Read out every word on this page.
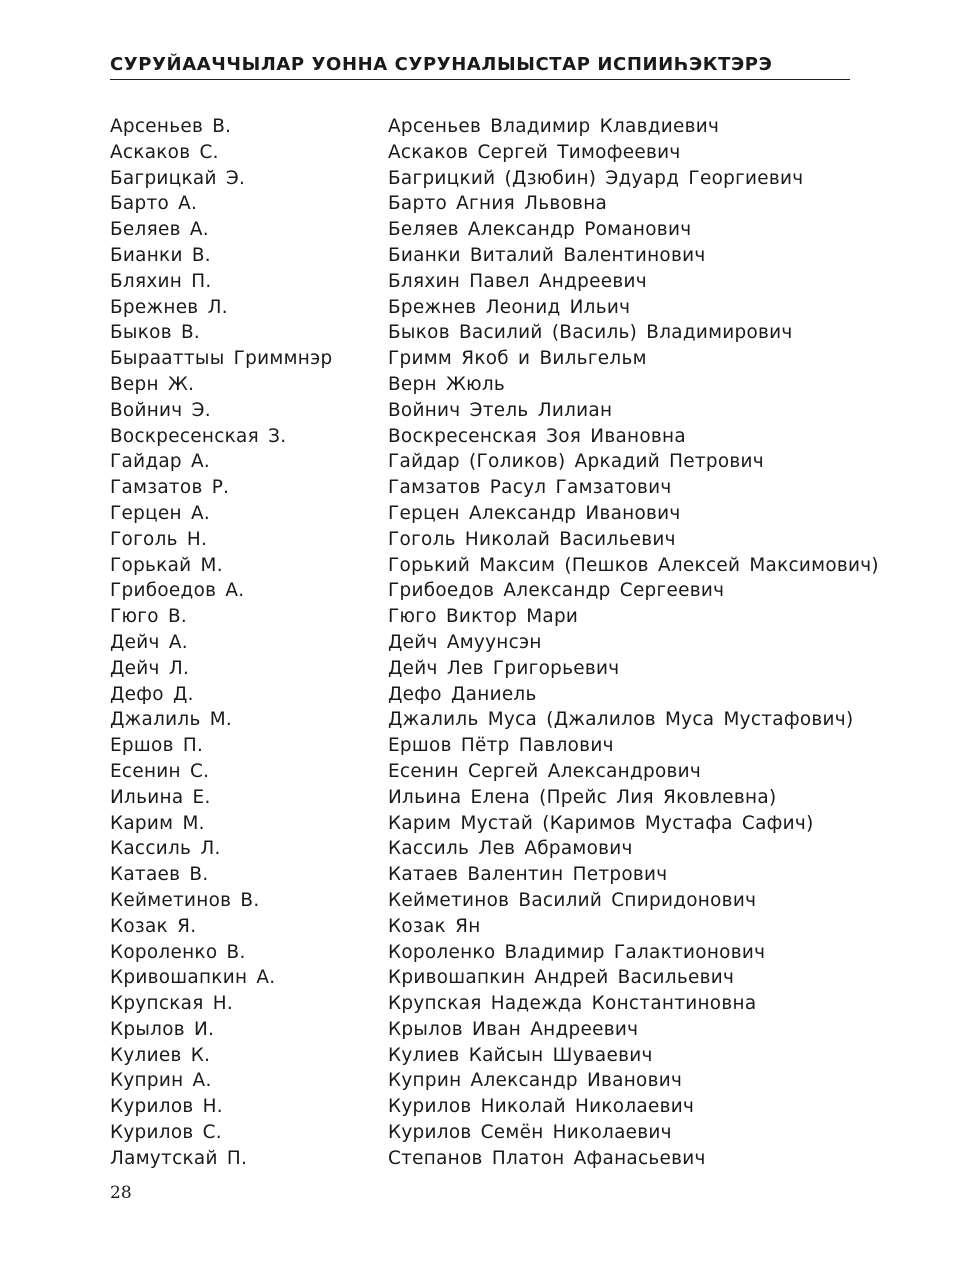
СУРУЙААЧЧЫЛАР УОННА СУРУНАЛЫЫСТАР ИСПИИҺЭКТЭРЭ
Арсеньев В.	Арсеньев Владимир Клавдиевич
Аскаков С.	Аскаков Сергей Тимофеевич
Багрицкай Э.	Багрицкий (Дзюбин) Эдуард Георгиевич
Барто А.	Барто Агния Львовна
Беляев А.	Беляев Александр Романович
Бианки В.	Бианки Виталий Валентинович
Бляхин П.	Бляхин Павел Андреевич
Брежнев Л.	Брежнев Леонид Ильич
Быков В.	Быков Василий (Василь) Владимирович
Бырааттыы Гриммнэр	Гримм Якоб и Вильгельм
Верн Ж.	Верн Жюль
Войнич Э.	Войнич Этель Лилиан
Воскресенская З.	Воскресенская Зоя Ивановна
Гайдар А.	Гайдар (Голиков) Аркадий Петрович
Гамзатов Р.	Гамзатов Расул Гамзатович
Герцен А.	Герцен Александр Иванович
Гоголь Н.	Гоголь Николай Васильевич
Горькай М.	Горький Максим (Пешков Алексей Максимович)
Грибоедов А.	Грибоедов Александр Сергеевич
Гюго В.	Гюго Виктор Мари
Дейч А.	Дейч Амуунсэн
Дейч Л.	Дейч Лев Григорьевич
Дефо Д.	Дефо Даниель
Джалиль М.	Джалиль Муса (Джалилов Муса Мустафович)
Ершов П.	Ершов Пётр Павлович
Есенин С.	Есенин Сергей Александрович
Ильина Е.	Ильина Елена (Прейс Лия Яковлевна)
Карим М.	Карим Мустай (Каримов Мустафа Сафич)
Кассиль Л.	Кассиль Лев Абрамович
Катаев В.	Катаев Валентин Петрович
Кейметинов В.	Кейметинов Василий Спиридонович
Козак Я.	Козак Ян
Короленко В.	Короленко Владимир Галактионович
Кривошапкин А.	Кривошапкин Андрей Васильевич
Крупская Н.	Крупская Надежда Константиновна
Крылов И.	Крылов Иван Андреевич
Кулиев К.	Кулиев Кайсын Шуваевич
Куприн А.	Куприн Александр Иванович
Курилов Н.	Курилов Николай Николаевич
Курилов С.	Курилов Семён Николаевич
Ламутскай П.	Степанов Платон Афанасьевич
28
